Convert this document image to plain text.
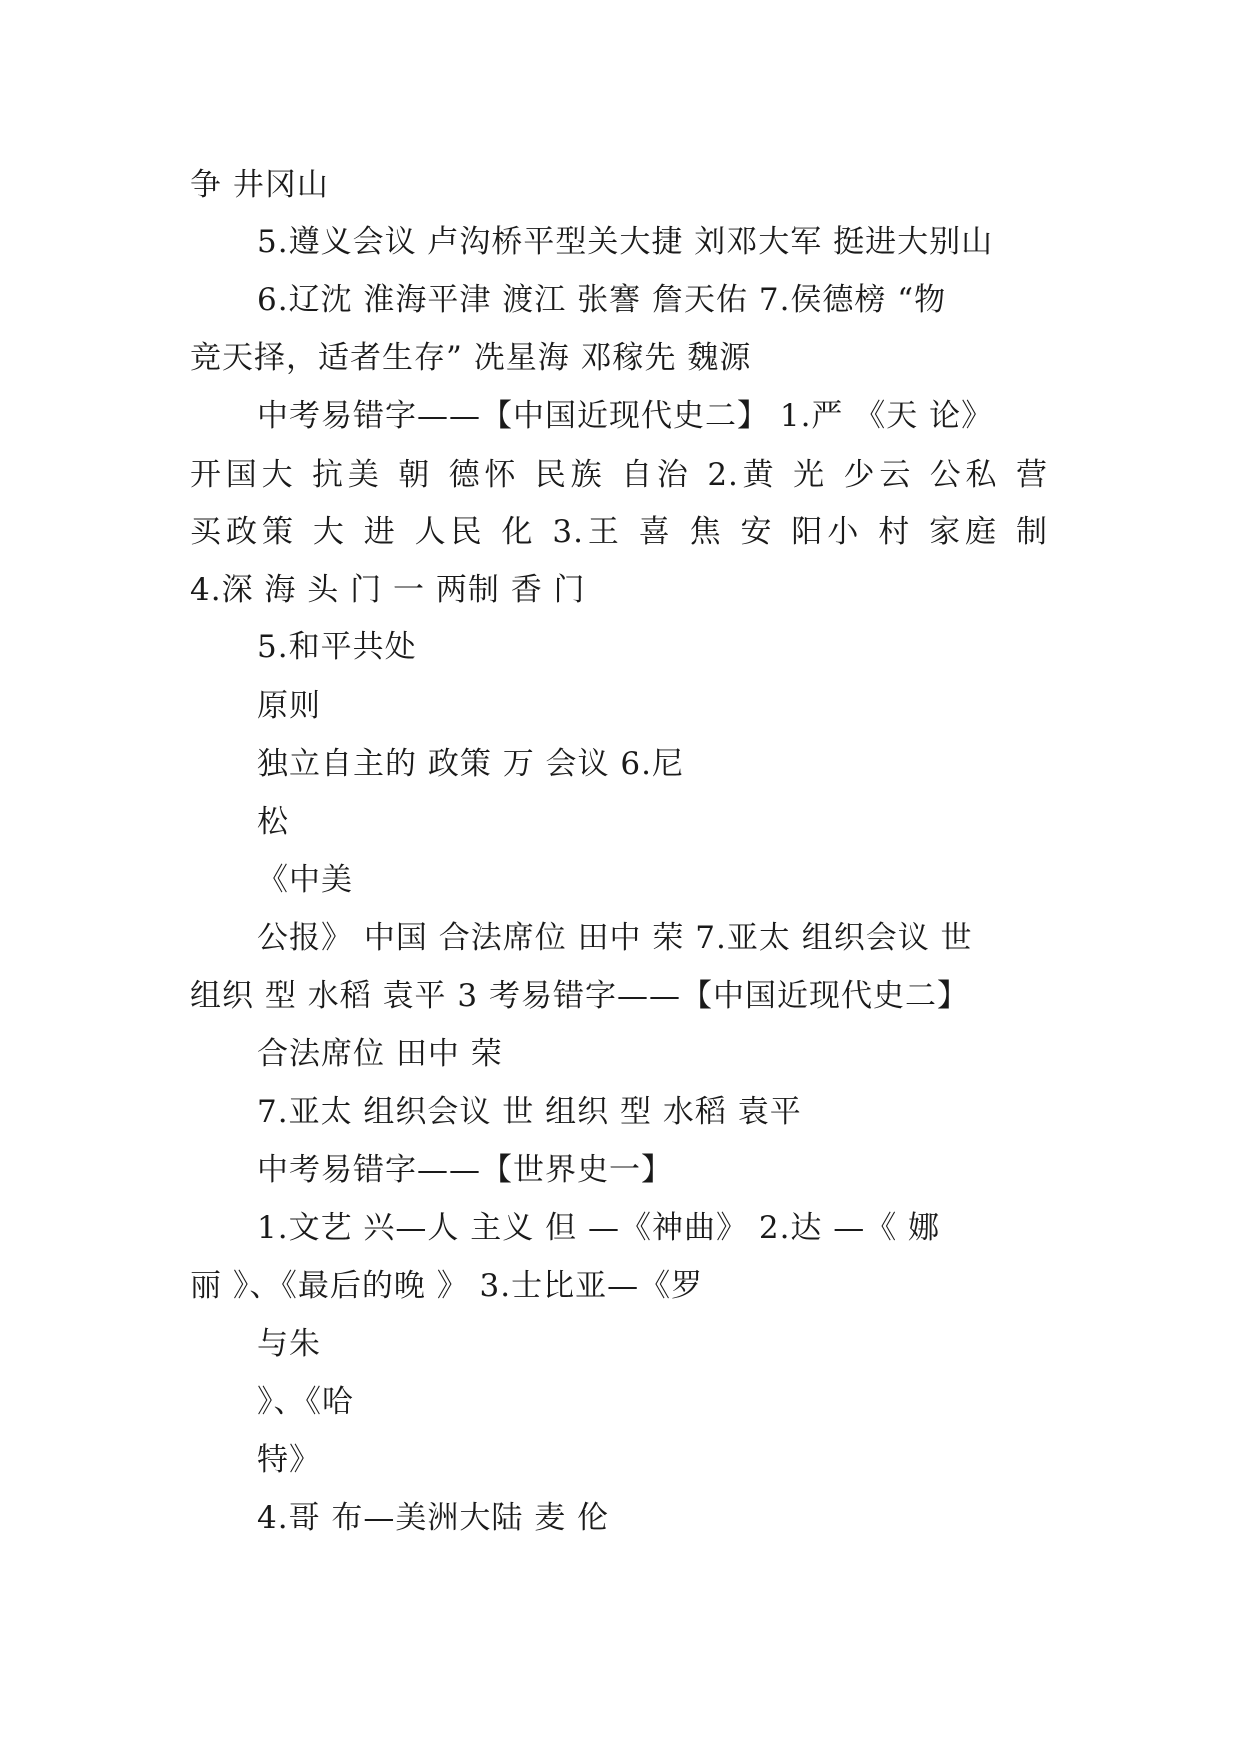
争 井冈山
5.遵义会议 卢沟桥平型关大捷 刘邓大军 挺进大别山
6.辽沈 淮海平津 渡江 张謇 詹天佑 7.侯德榜 “物
竞天择，适者生存” 冼星海 邓稼先 魏源
中考易错字——【中国近现代史二】 1.严 《天 论》
开国大 抗美 朝 德怀 民族 自治 2.黄 光 少云 公私 营
买政策 大 进 人民 化 3.王 喜 焦 安 阳小 村 家庭 制
4.深 海 头 门 一 两制 香 门
5.和平共处
原则
独立自主的 政策 万 会议 6.尼
松
《中美
公报》 中国 合法席位 田中 荣 7.亚太 组织会议 世
组织 型 水稻 袁平 3 考易错字——【中国近现代史二】
合法席位 田中 荣
7.亚太 组织会议 世 组织 型 水稻 袁平
中考易错字——【世界史一】
1.文艺 兴—人 主义 但 —《神曲》 2.达 —《 娜
丽 》、《最后的晚 》 3.士比亚—《罗
与朱
》、《哈
特》
4.哥 布—美洲大陆 麦 伦
